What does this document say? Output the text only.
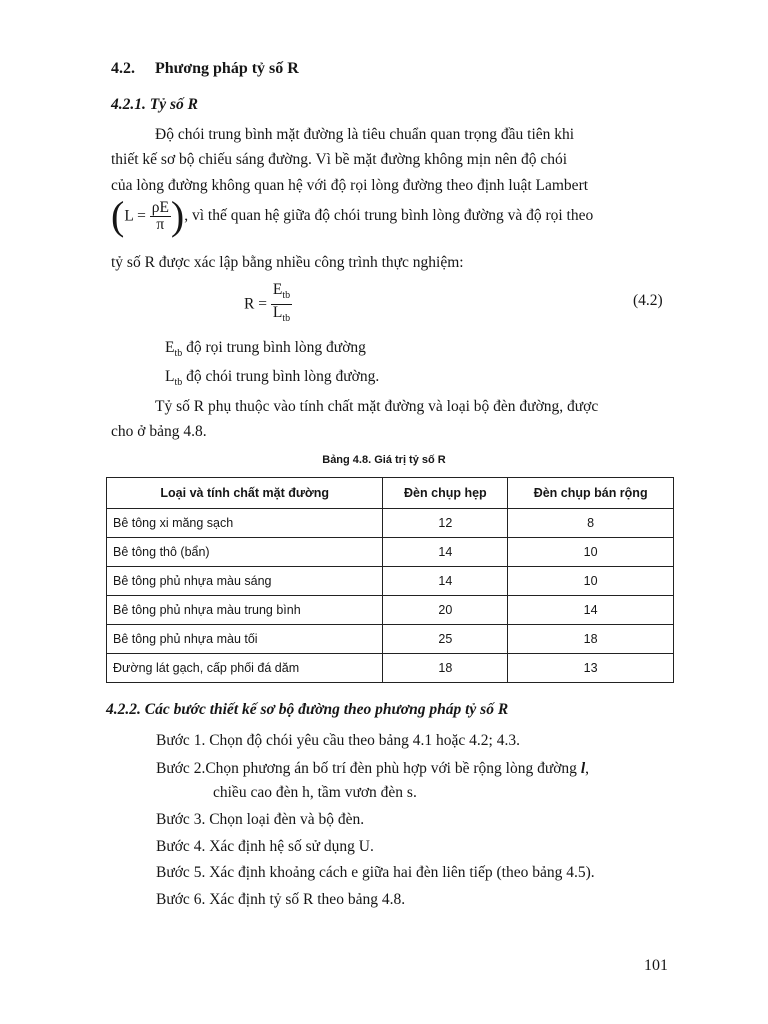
4.2. Phương pháp tỷ số R
4.2.1. Tỷ số R
Độ chói trung bình mặt đường là tiêu chuẩn quan trọng đầu tiên khi
thiết kế sơ bộ chiếu sáng đường. Vì bề mặt đường không mịn nên độ chói
của lòng đường không quan hệ với độ rọi lòng đường theo định luật Lambert
($L = \frac{\rho E}{\pi}$ ), vì thế quan hệ giữa độ chói trung bình lòng đường và độ rọi theo
tỷ số R được xác lập bằng nhiều công trình thực nghiệm:
$R = \frac{E_{tb}}{L_{tb}}$	(4.2)
$E_{tb}$ độ rọi trung bình lòng đường
$L_{tb}$ độ chói trung bình lòng đường.
Tỷ số R phụ thuộc vào tính chất mặt đường và loại bộ đèn đường, được
cho ở bảng 4.8.
Bảng 4.8. Giá trị tỷ số R
Loại và tính chất mặt đường	Đèn chụp hẹp	Đèn chụp bán rộng
Bê tông xi măng sạch	12	8
Bê tông thô (bẩn)	14	10
Bê tông phủ nhựa màu sáng	14	10
Bê tông phủ nhựa màu trung bình	20	14
Bê tông phủ nhựa màu tối	25	18
Đường lát gạch, cấp phối đá dăm	18	13
4.2.2. Các bước thiết kế sơ bộ đường theo phương pháp tỷ số R
Bước 1. Chọn độ chói yêu cầu theo bảng 4.1 hoặc 4.2; 4.3.
Bước 2.Chọn phương án bố trí đèn phù hợp với bề rộng lòng đường l,
chiều cao đèn h, tầm vươn đèn s.
Bước 3. Chọn loại đèn và bộ đèn.
Bước 4. Xác định hệ số sử dụng U.
Bước 5. Xác định khoảng cách e giữa hai đèn liên tiếp (theo bảng 4.5).
Bước 6. Xác định tỷ số R theo bảng 4.8.
101
